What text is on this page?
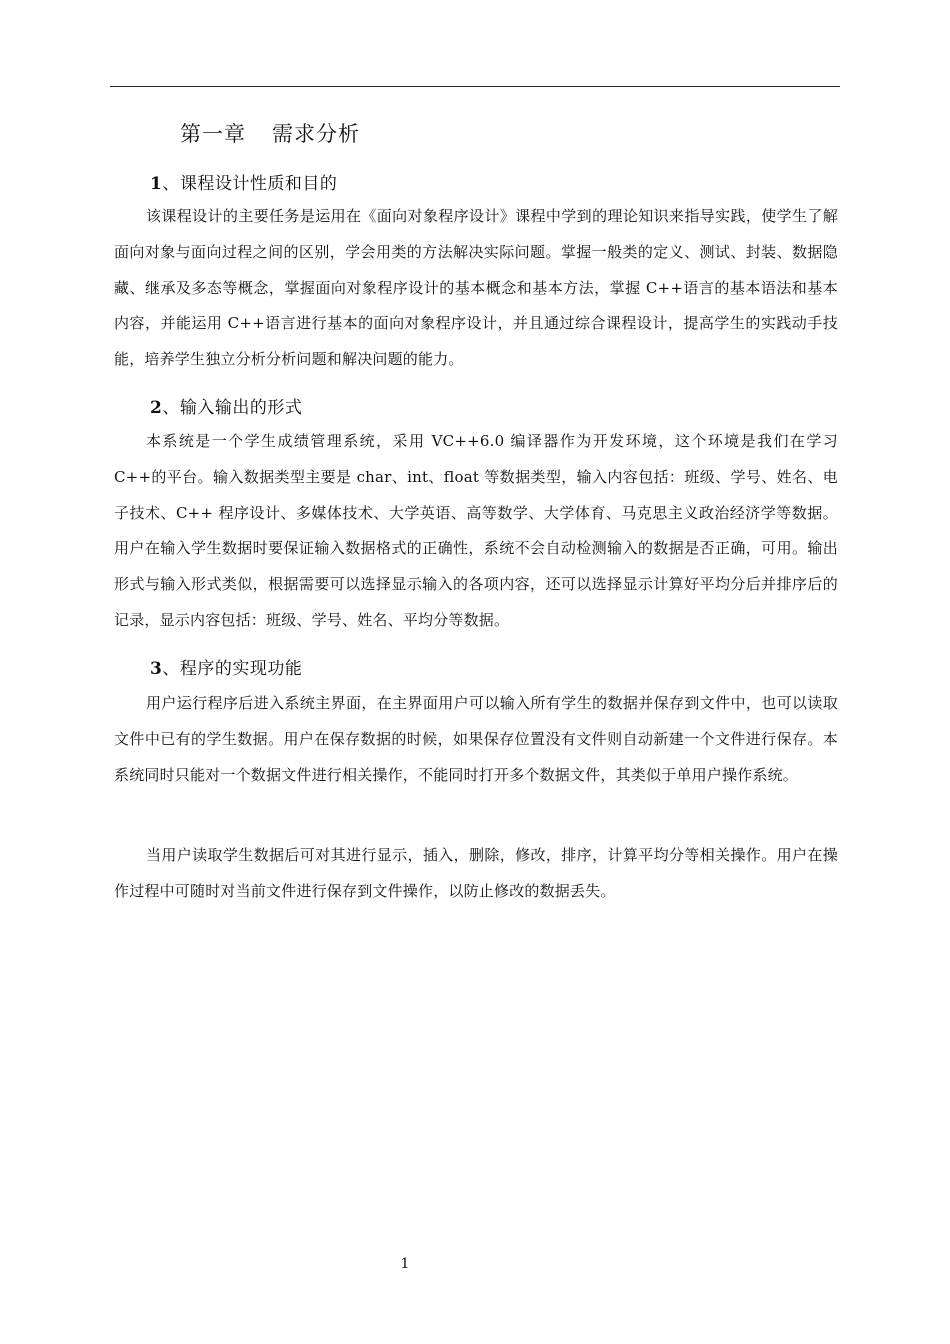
第一章 需求分析
1、课程设计性质和目的
该课程设计的主要任务是运用在《面向对象程序设计》课程中学到的理论知识来指导实践，使学生了解面向对象与面向过程之间的区别，学会用类的方法解决实际问题。掌握一般类的定义、测试、封装、数据隐藏、继承及多态等概念，掌握面向对象程序设计的基本概念和基本方法，掌握 C++语言的基本语法和基本内容，并能运用 C++语言进行基本的面向对象程序设计，并且通过综合课程设计，提高学生的实践动手技能，培养学生独立分析分析问题和解决问题的能力。
2、输入输出的形式
本系统是一个学生成绩管理系统，采用 VC++6.0 编译器作为开发环境，这个环境是我们在学习C++的平台。输入数据类型主要是 char、int、float 等数据类型，输入内容包括：班级、学号、姓名、电子技术、C++ 程序设计、多媒体技术、大学英语、高等数学、大学体育、马克思主义政治经济学等数据。用户在输入学生数据时要保证输入数据格式的正确性，系统不会自动检测输入的数据是否正确，可用。输出形式与输入形式类似，根据需要可以选择显示输入的各项内容，还可以选择显示计算好平均分后并排序后的记录，显示内容包括：班级、学号、姓名、平均分等数据。
3、程序的实现功能
用户运行程序后进入系统主界面，在主界面用户可以输入所有学生的数据并保存到文件中，也可以读取文件中已有的学生数据。用户在保存数据的时候，如果保存位置没有文件则自动新建一个文件进行保存。本系统同时只能对一个数据文件进行相关操作，不能同时打开多个数据文件，其类似于单用户操作系统。
当用户读取学生数据后可对其进行显示，插入，删除，修改，排序，计算平均分等相关操作。用户在操作过程中可随时对当前文件进行保存到文件操作，以防止修改的数据丢失。
1
